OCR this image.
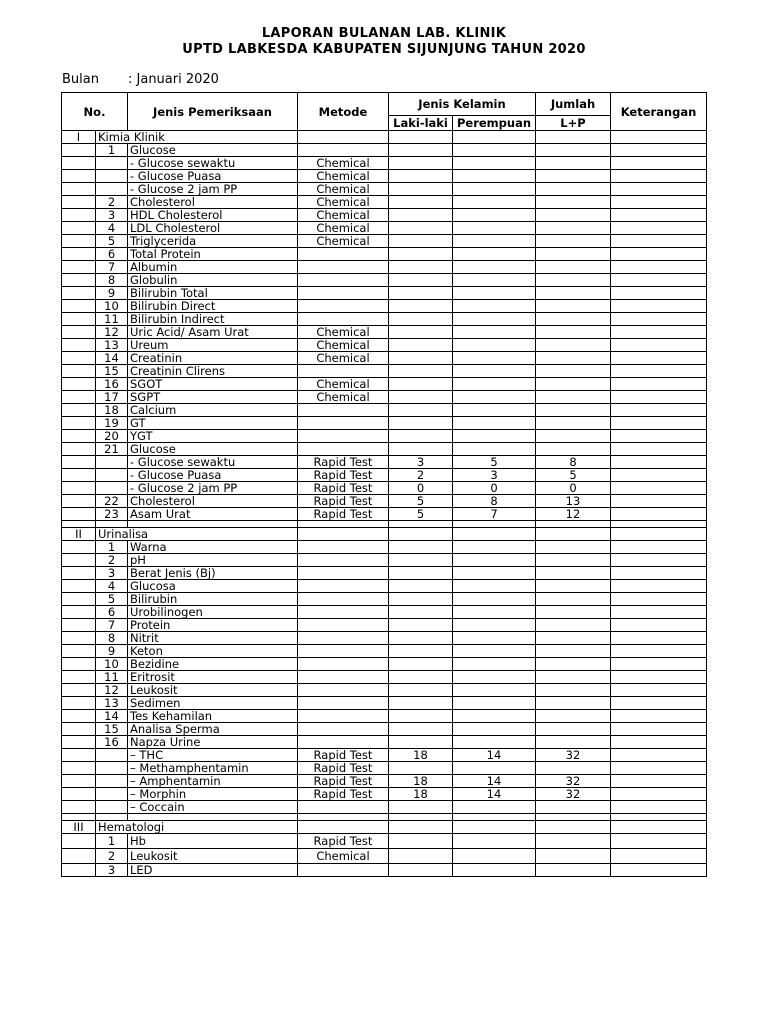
LAPORAN BULANAN LAB. KLINIK
UPTD LABKESDA KABUPATEN SIJUNJUNG TAHUN 2020
Bulan : Januari 2020
No.		Jenis Pemeriksaan	Metode	Jenis Kelamin		Jumlah	Keterangan
				Laki-laki	Perempuan	L+P	
I	Kimia Klinik						
	1	Glucose					
		- Glucose sewaktu	Chemical				
		- Glucose Puasa	Chemical				
		- Glucose 2 jam PP	Chemical				
	2	Cholesterol	Chemical				
	3	HDL Cholesterol	Chemical				
	4	LDL Cholesterol	Chemical				
	5	Triglycerida	Chemical				
	6	Total Protein					
	7	Albumin					
	8	Globulin					
	9	Bilirubin Total					
	10	Bilirubin Direct					
	11	Bilirubin Indirect					
	12	Uric Acid/ Asam Urat	Chemical				
	13	Ureum	Chemical				
	14	Creatinin	Chemical				
	15	Creatinin Clirens					
	16	SGOT	Chemical				
	17	SGPT	Chemical				
	18	Calcium					
	19	GT					
	20	YGT					
	21	Glucose					
		- Glucose sewaktu	Rapid Test	3	5	8	
		- Glucose Puasa	Rapid Test	2	3	5	
		- Glucose 2 jam PP	Rapid Test	0	0	0	
	22	Cholesterol	Rapid Test	5	8	13	
	23	Asam Urat	Rapid Test	5	7	12	

II	Urinalisa						
	1	Warna					
	2	pH					
	3	Berat Jenis (Bj)					
	4	Glucosa					
	5	Bilirubin					
	6	Urobilinogen					
	7	Protein					
	8	Nitrit					
	9	Keton					
	10	Bezidine					
	11	Eritrosit					
	12	Leukosit					
	13	Sedimen					
	14	Tes Kehamilan					
	15	Analisa Sperma					
	16	Napza Urine					
		– THC	Rapid Test	18	14	32	
		– Methamphentamin	Rapid Test				
		– Amphentamin	Rapid Test	18	14	32	
		– Morphin	Rapid Test	18	14	32	
		– Coccain					

III	Hematologi						
	1	Hb	Rapid Test				
	2	Leukosit	Chemical				
	3	LED					
